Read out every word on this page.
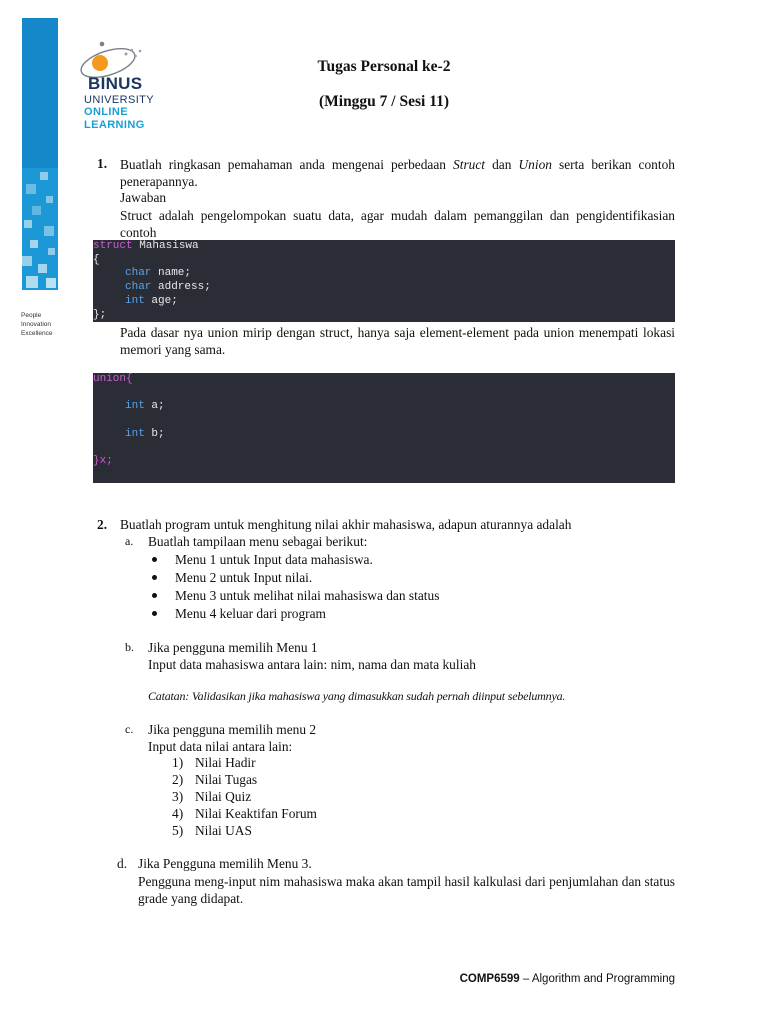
People
Innovation
Excellence
BINUS
UNIVERSITY
ONLINE
LEARNING
Tugas Personal ke-2
(Minggu 7 / Sesi 11)
1. Buatlah ringkasan pemahaman anda mengenai perbedaan Struct dan Union serta berikan contoh penerapannya.
Jawaban
Struct adalah pengelompokan suatu data, agar mudah dalam pemanggilan dan pengidentifikasian contoh
struct Mahasiswa
{
char name;
char address;
int age;
};
Pada dasar nya union mirip dengan struct, hanya saja element-element pada union menempati lokasi memori yang sama.
union{
int a;
int b;
}x;
2. Buatlah program untuk menghitung nilai akhir mahasiswa, adapun aturannya adalah
a. Buatlah tampilaan menu sebagai berikut:
Menu 1 untuk Input data mahasiswa.
Menu 2 untuk Input nilai.
Menu 3 untuk melihat nilai mahasiswa dan status
Menu 4 keluar dari program
b. Jika pengguna memilih Menu 1
Input data mahasiswa antara lain: nim, nama dan mata kuliah
Catatan: Validasikan jika mahasiswa yang dimasukkan sudah pernah diinput sebelumnya.
c. Jika pengguna memilih menu 2
Input data nilai antara lain:
1) Nilai Hadir
2) Nilai Tugas
3) Nilai Quiz
4) Nilai Keaktifan Forum
5) Nilai UAS
d. Jika Pengguna memilih Menu 3.
Pengguna meng-input nim mahasiswa maka akan tampil hasil kalkulasi dari penjumlahan dan status grade yang didapat.
COMP6599 – Algorithm and Programming
